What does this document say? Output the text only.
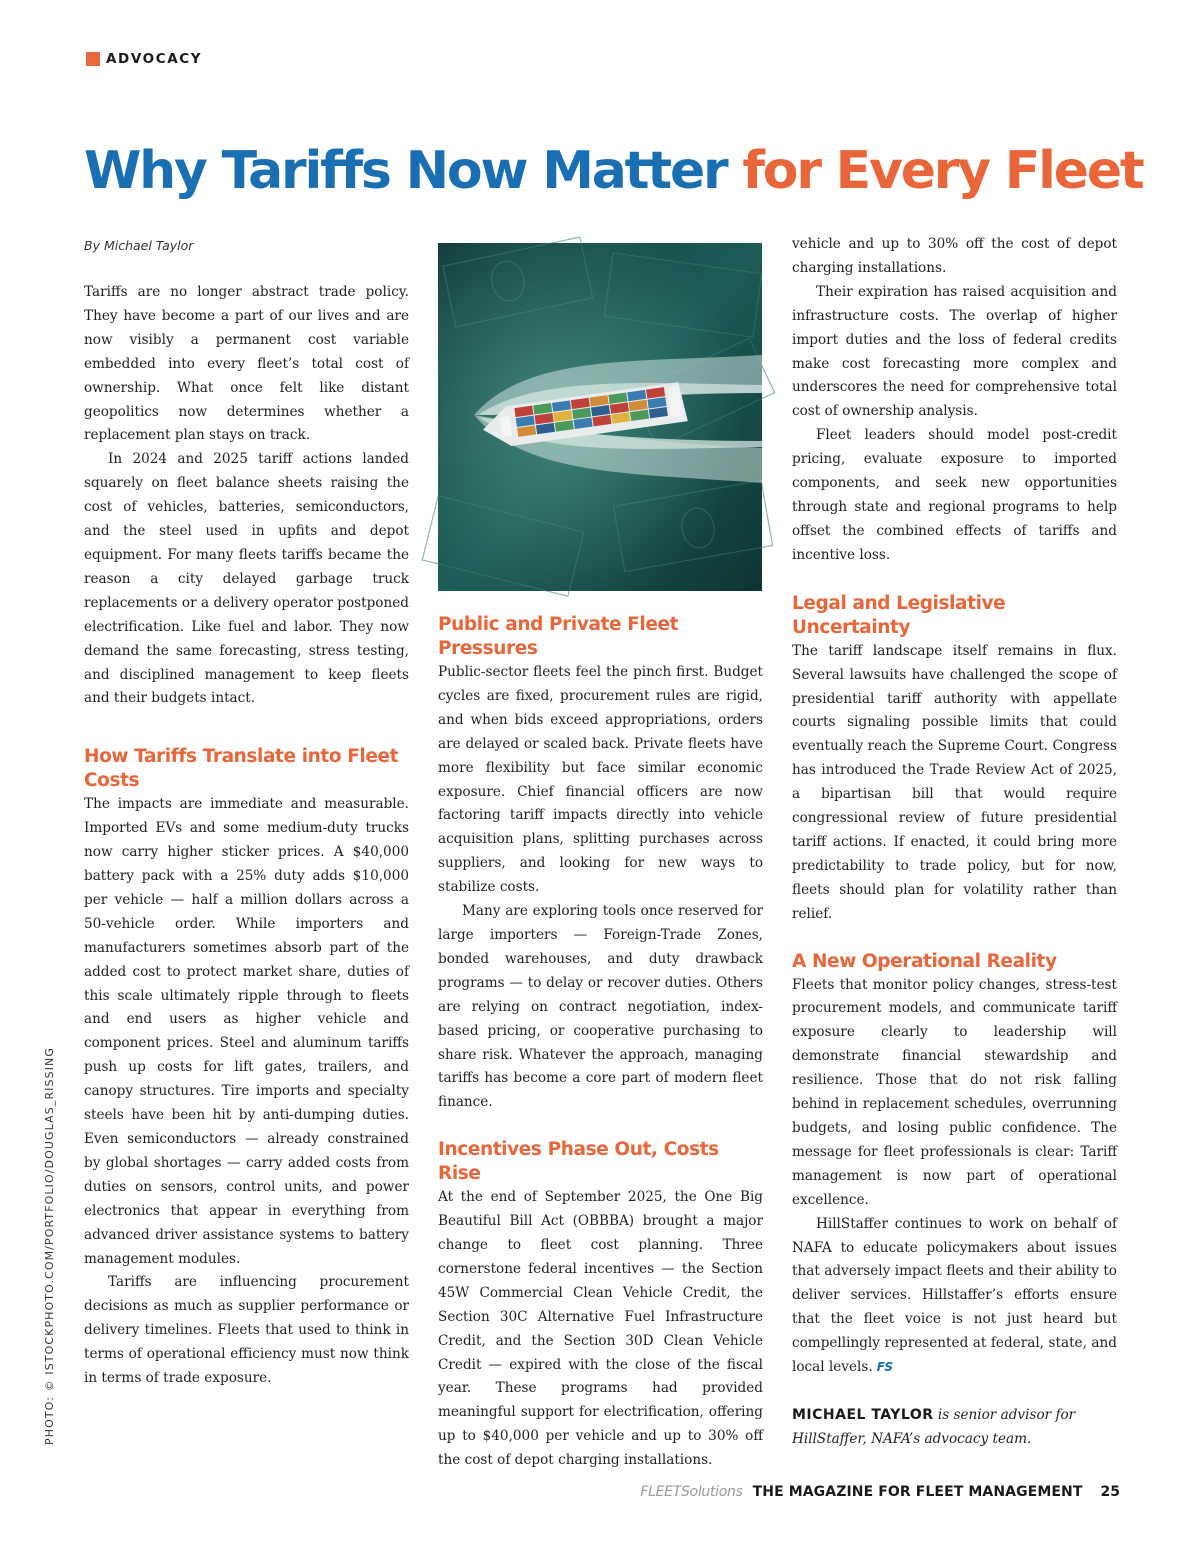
ADVOCACY
Why Tariffs Now Matter for Every Fleet
By Michael Taylor
PHOTO: © ISTOCKPHOTO.COM/PORTFOLIO/DOUGLAS_RISSING

Tariffs are no longer abstract trade policy. They have become a part of our lives and are now visibly a permanent cost variable embedded into every fleet’s total cost of ownership. What once felt like distant geopolitics now determines whether a replacement plan stays on track.

In 2024 and 2025 tariff actions landed squarely on fleet balance sheets raising the cost of vehicles, batteries, semiconductors, and the steel used in upfits and depot equipment. For many fleets tariffs became the reason a city delayed garbage truck replacements or a delivery operator postponed electrification. Like fuel and labor. They now demand the same forecasting, stress testing, and disciplined management to keep fleets and their budgets intact.

How Tariffs Translate into Fleet Costs

The impacts are immediate and measurable. Imported EVs and some medium-duty trucks now carry higher sticker prices. A $40,000 battery pack with a 25% duty adds $10,000 per vehicle — half a million dollars across a 50-vehicle order. While importers and manufacturers sometimes absorb part of the added cost to protect market share, duties of this scale ultimately ripple through to fleets and end users as higher vehicle and component prices. Steel and aluminum tariffs push up costs for lift gates, trailers, and canopy structures. Tire imports and specialty steels have been hit by anti-dumping duties. Even semiconductors — already constrained by global shortages — carry added costs from duties on sensors, control units, and power electronics that appear in everything from advanced driver assistance systems to battery management modules.

Tariffs are influencing procurement decisions as much as supplier performance or delivery timelines. Fleets that used to think in terms of operational efficiency must now think in terms of trade exposure.

Public and Private Fleet Pressures

Public-sector fleets feel the pinch first. Budget cycles are fixed, procurement rules are rigid, and when bids exceed appropriations, orders are delayed or scaled back. Private fleets have more flexibility but face similar economic exposure. Chief financial officers are now factoring tariff impacts directly into vehicle acquisition plans, splitting purchases across suppliers, and looking for new ways to stabilize costs.

Many are exploring tools once reserved for large importers — Foreign-Trade Zones, bonded warehouses, and duty drawback programs — to delay or recover duties. Others are relying on contract negotiation, index-based pricing, or cooperative purchasing to share risk. Whatever the approach, managing tariffs has become a core part of modern fleet finance.

Incentives Phase Out, Costs Rise

At the end of September 2025, the One Big Beautiful Bill Act (OBBBA) brought a major change to fleet cost planning. Three cornerstone federal incentives — the Section 45W Commercial Clean Vehicle Credit, the Section 30C Alternative Fuel Infrastructure Credit, and the Section 30D Clean Vehicle Credit — expired with the close of the fiscal year. These programs had provided meaningful support for electrification, offering up to $40,000 per vehicle and up to 30% off the cost of depot charging installations.

vehicle and up to 30% off the cost of depot charging installations.

Their expiration has raised acquisition and infrastructure costs. The overlap of higher import duties and the loss of federal credits make cost forecasting more complex and underscores the need for comprehensive total cost of ownership analysis.

Fleet leaders should model post-credit pricing, evaluate exposure to imported components, and seek new opportunities through state and regional programs to help offset the combined effects of tariffs and incentive loss.

Legal and Legislative Uncertainty

The tariff landscape itself remains in flux. Several lawsuits have challenged the scope of presidential tariff authority with appellate courts signaling possible limits that could eventually reach the Supreme Court. Congress has introduced the Trade Review Act of 2025, a bipartisan bill that would require congressional review of future presidential tariff actions. If enacted, it could bring more predictability to trade policy, but for now, fleets should plan for volatility rather than relief.

A New Operational Reality

Fleets that monitor policy changes, stress-test procurement models, and communicate tariff exposure clearly to leadership will demonstrate financial stewardship and resilience. Those that do not risk falling behind in replacement schedules, overrunning budgets, and losing public confidence. The message for fleet professionals is clear: Tariff management is now part of operational excellence.

HillStaffer continues to work on behalf of NAFA to educate policymakers about issues that adversely impact fleets and their ability to deliver services. Hillstaffer’s efforts ensure that the fleet voice is not just heard but compellingly represented at federal, state, and local levels. FS

MICHAEL TAYLOR is senior advisor for HillStaffer, NAFA’s advocacy team.

FLEETSolutions THE MAGAZINE FOR FLEET MANAGEMENT 25
